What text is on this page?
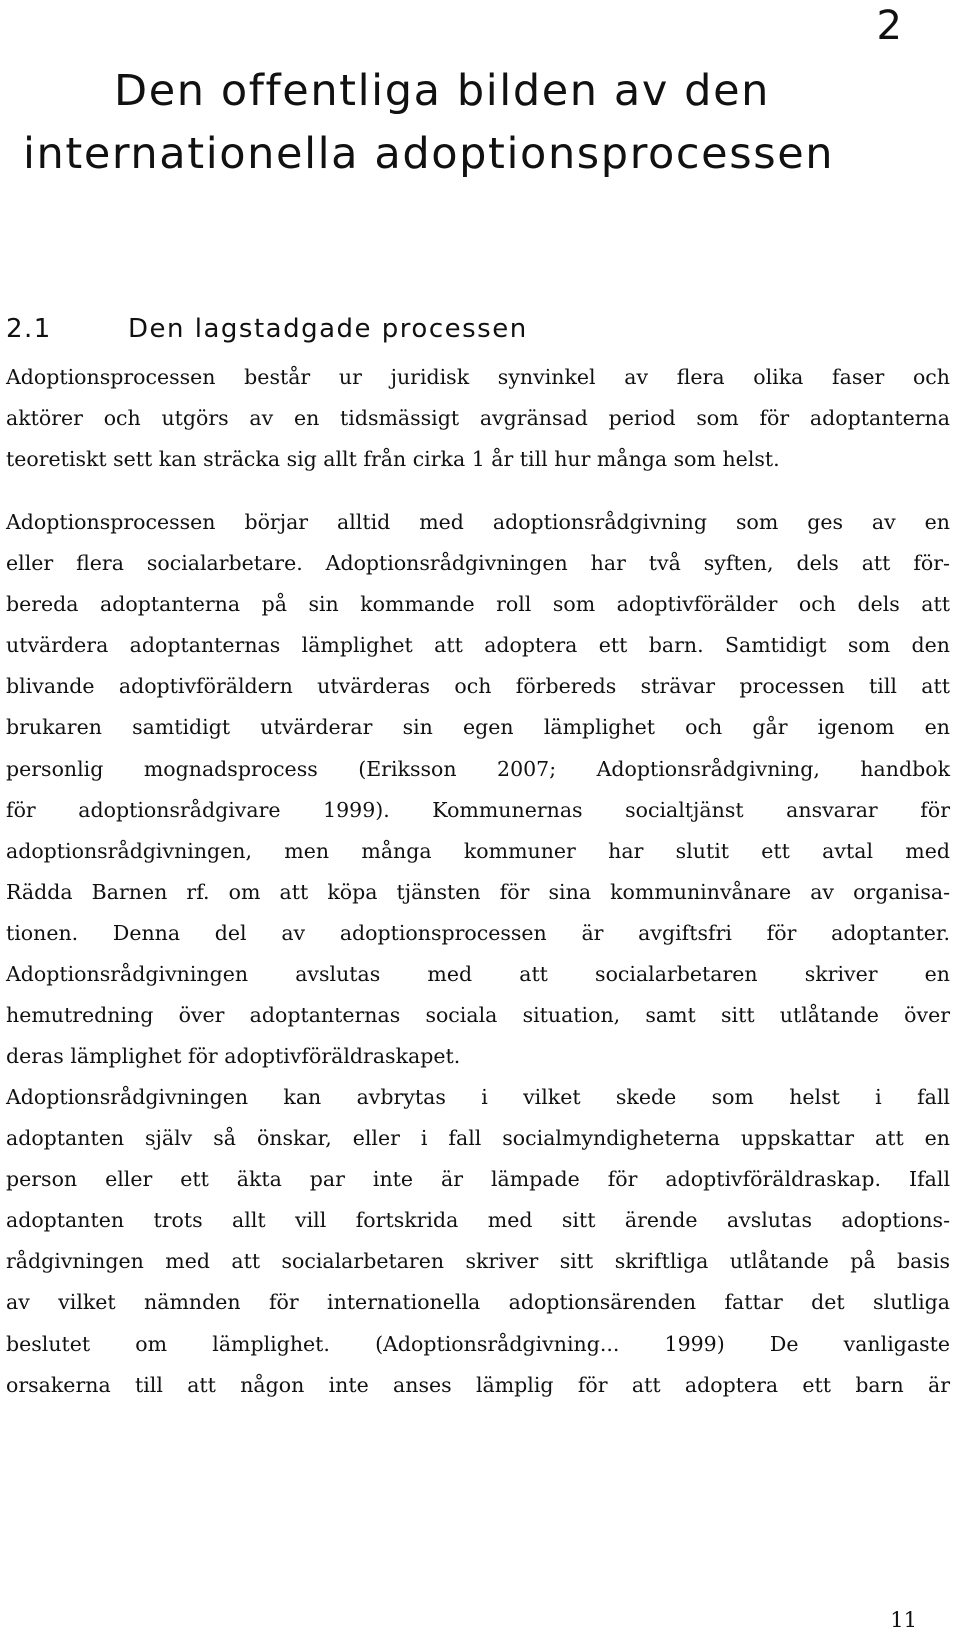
2
Den offentliga bilden av den
internationella adoptionsprocessen
2.1	Den lagstadgade processen

Adoptionsprocessen består ur juridisk synvinkel av flera olika faser och
aktörer och utgörs av en tidsmässigt avgränsad period som för adoptanterna
teoretiskt sett kan sträcka sig allt från cirka 1 år till hur många som helst.

Adoptionsprocessen börjar alltid med adoptionsrådgivning som ges av en
eller flera socialarbetare. Adoptionsrådgivningen har två syften, dels att för-
bereda adoptanterna på sin kommande roll som adoptivförälder och dels att
utvärdera adoptanternas lämplighet att adoptera ett barn. Samtidigt som den
blivande adoptivföräldern utvärderas och förbereds strävar processen till att
brukaren samtidigt utvärderar sin egen lämplighet och går igenom en
personlig mognadsprocess (Eriksson 2007; Adoptionsrådgivning, handbok
för adoptionsrådgivare 1999). Kommunernas socialtjänst ansvarar för
adoptionsrådgivningen, men många kommuner har slutit ett avtal med
Rädda Barnen rf. om att köpa tjänsten för sina kommuninvånare av organisa-
tionen. Denna del av adoptionsprocessen är avgiftsfri för adoptanter.
Adoptionsrådgivningen avslutas med att socialarbetaren skriver en
hemutredning över adoptanternas sociala situation, samt sitt utlåtande över
deras lämplighet för adoptivföräldraskapet.

Adoptionsrådgivningen kan avbrytas i vilket skede som helst i fall
adoptanten själv så önskar, eller i fall socialmyndigheterna uppskattar att en
person eller ett äkta par inte är lämpade för adoptivföräldraskap. Ifall
adoptanten trots allt vill fortskrida med sitt ärende avslutas adoptions-
rådgivningen med att socialarbetaren skriver sitt skriftliga utlåtande på basis
av vilket nämnden för internationella adoptionsärenden fattar det slutliga
beslutet om lämplighet. (Adoptionsrådgivning... 1999) De vanligaste
orsakerna till att någon inte anses lämplig för att adoptera ett barn är

11
